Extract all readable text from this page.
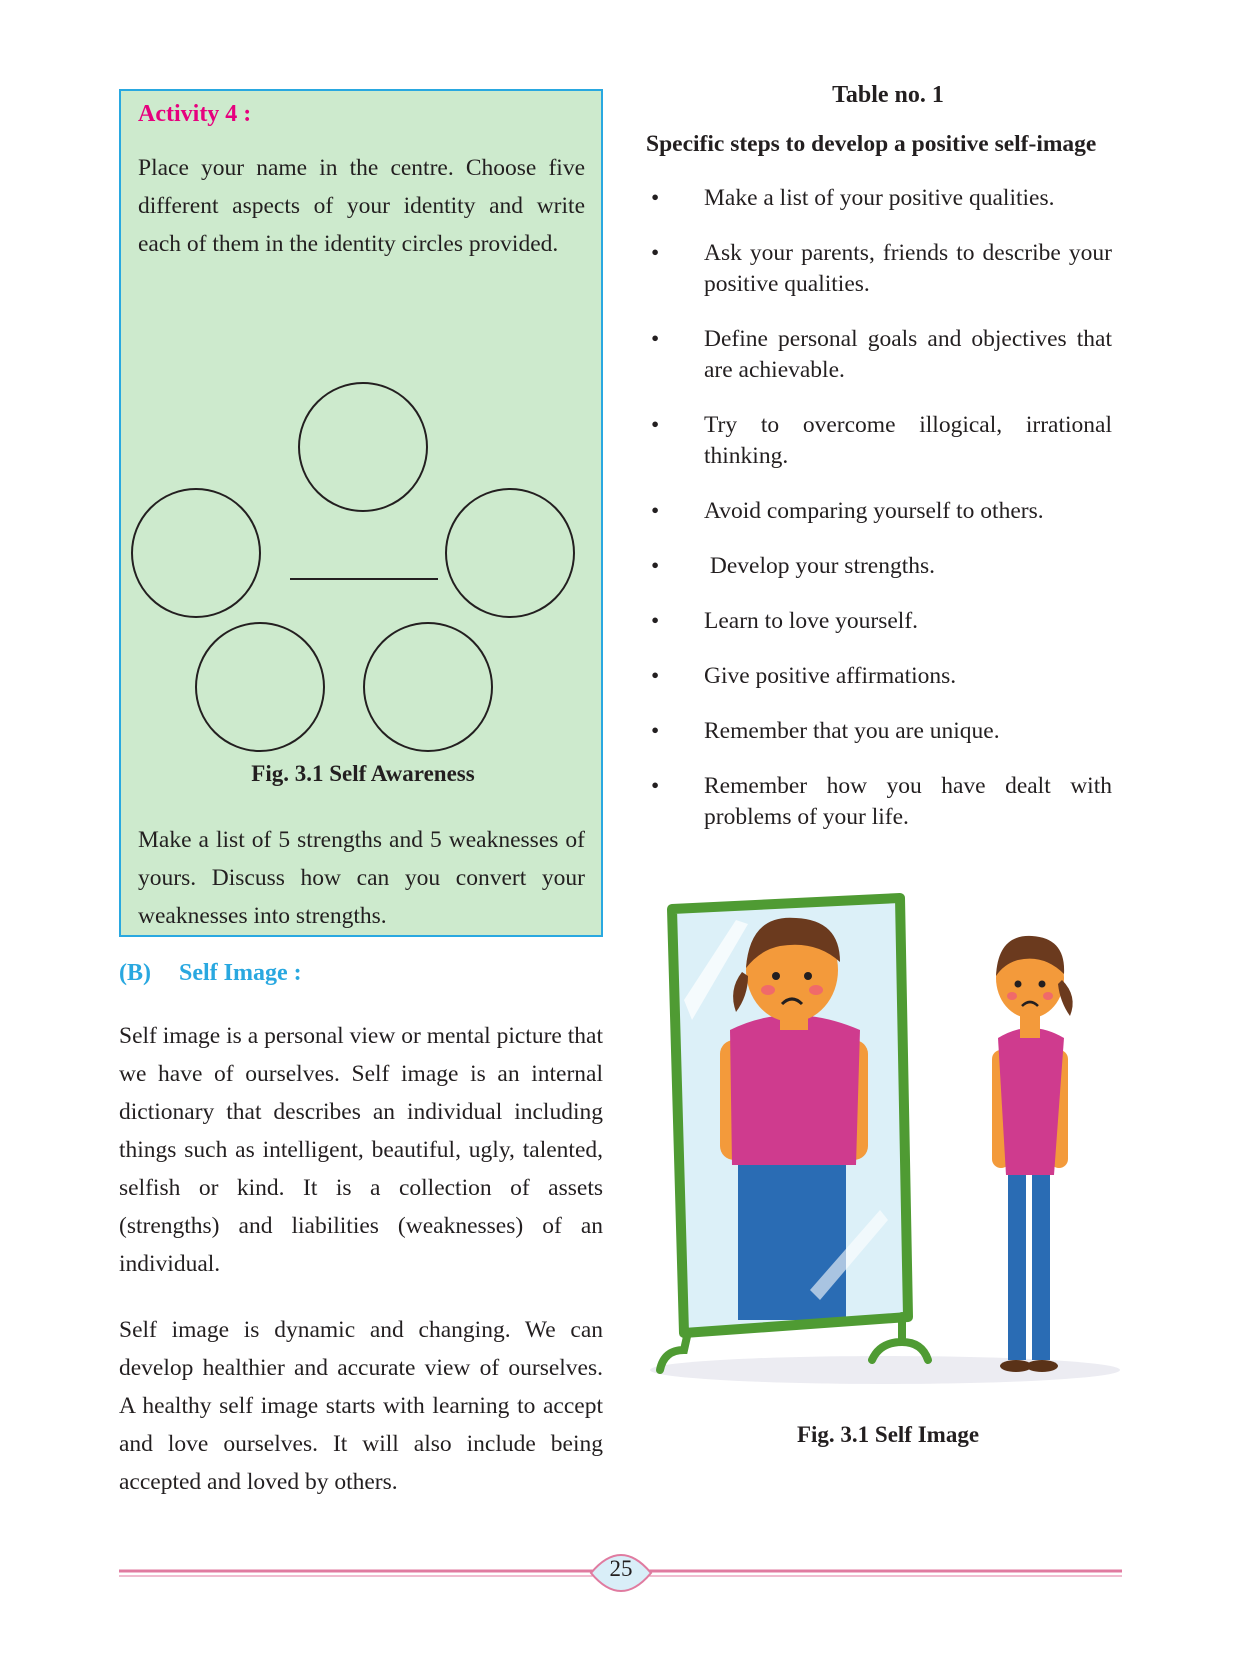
Activity 4 :
Place your name in the centre. Choose five different aspects of your identity and write each of them in the identity circles provided.
Fig. 3.1 Self Awareness
Make a list of 5 strengths and 5 weaknesses of yours. Discuss how can you convert your weaknesses into strengths.
(B) Self Image :
Self image is a personal view or mental picture that we have of ourselves. Self image is an internal dictionary that describes an individual including things such as intelligent, beautiful, ugly, talented, selfish or kind. It is a collection of assets (strengths) and liabilities (weaknesses) of an individual.
Self image is dynamic and changing. We can develop healthier and accurate view of ourselves. A healthy self image starts with learning to accept and love ourselves. It will also include being accepted and loved by others.
Table no. 1
Specific steps to develop a positive self-image
• Make a list of your positive qualities.
• Ask your parents, friends to describe your positive qualities.
• Define personal goals and objectives that are achievable.
• Try to overcome illogical, irrational thinking.
• Avoid comparing yourself to others.
• Develop your strengths.
• Learn to love yourself.
• Give positive affirmations.
• Remember that you are unique.
• Remember how you have dealt with problems of your life.
Fig. 3.1 Self Image
25
